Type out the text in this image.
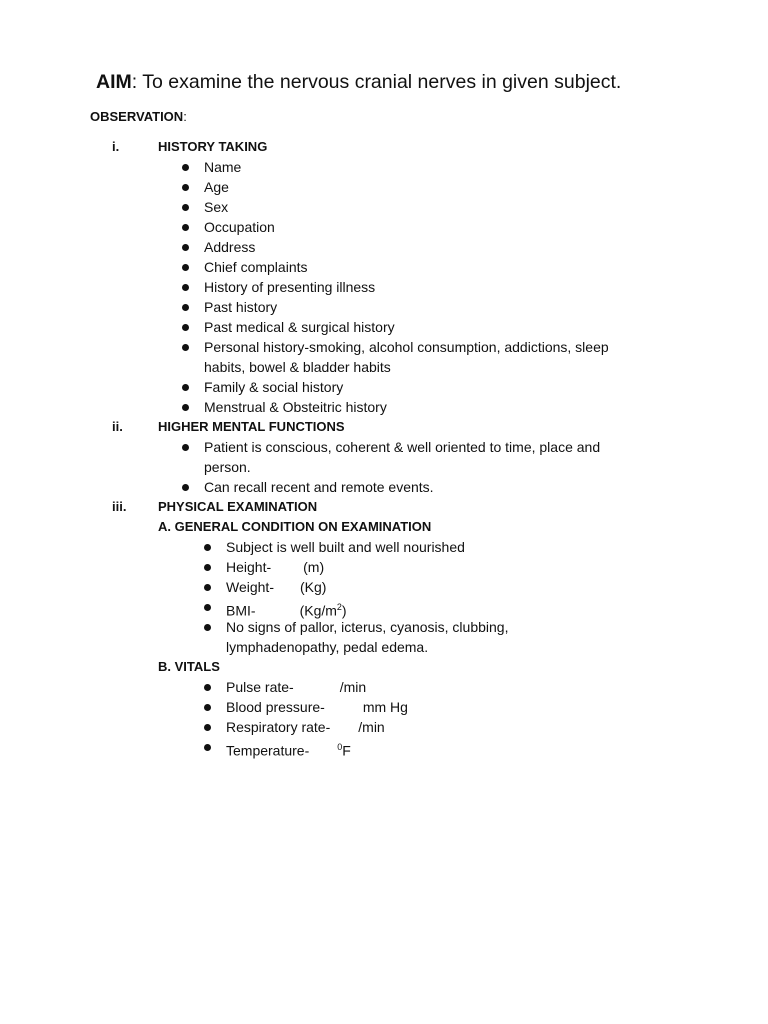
AIM: To examine the nervous cranial nerves in given subject.
OBSERVATION:
i.	HISTORY TAKING
Name
Age
Sex
Occupation
Address
Chief complaints
History of presenting illness
Past history
Past medical & surgical history
Personal history-smoking, alcohol consumption, addictions, sleep
habits, bowel & bladder habits
Family & social history
Menstrual & Obsteitric history
ii.	HIGHER MENTAL FUNCTIONS
Patient is conscious, coherent & well oriented to time, place and
person.
Can recall recent and remote events.
iii. PHYSICAL EXAMINATION
A. GENERAL CONDITION ON EXAMINATION
Subject is well built and well nourished
Height- (m)
Weight- (Kg)
BMI-	$(Kg/m^2)$
No signs of pallor, icterus, cyanosis, clubbing,
lymphadenopathy, pedal edema.
B. VITALS
Pulse rate-	/min
Blood pressure-	mm Hg
Respiratory rate- /min
Temperature-	$^0$F
